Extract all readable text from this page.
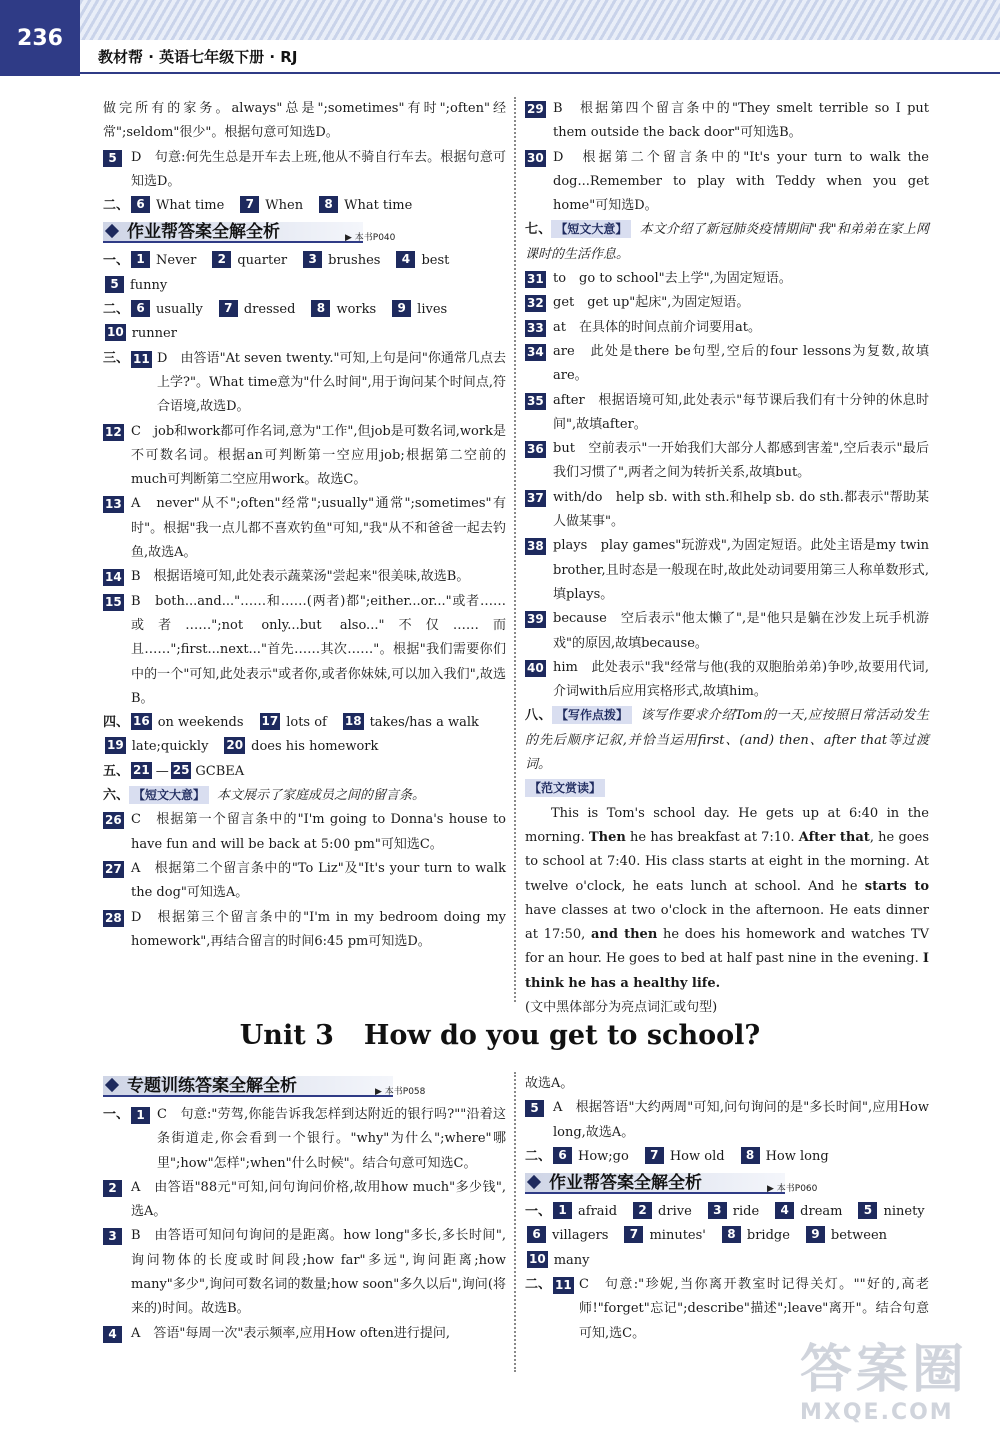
236
教材帮 · 英语七年级下册 · RJ
做完所有的家务。always"总是";sometimes"有时";often"经常";seldom"很少"。根据句意可知选D。
5	D　句意:何先生总是开车去上班,他从不骑自行车去。根据句意可知选D。
二、 6 What time 7 When 8 What time
作业帮答案全解全析	▶ 本书P040
一、 1 Never 2 quarter 3 brushes 4 best
5 funny
二、 6 usually 7 dressed 8 works 9 lives
10 runner
三、 11 D　由答语"At seven twenty."可知,上句是问"你通常几点去上学?"。What time意为"什么时间",用于询问某个时间点,符合语境,故选D。
12 C　job和work都可作名词,意为"工作",但job是可数名词,work是不可数名词。根据an可判断第一空应用job;根据第二空前的much可判断第二空应用work。故选C。
13 A　never"从不";often"经常";usually"通常";sometimes"有时"。根据"我一点儿都不喜欢钓鱼"可知,"我"从不和爸爸一起去钓鱼,故选A。
14 B　根据语境可知,此处表示蔬菜汤"尝起来"很美味,故选B。
15 B　both...and..."……和……(两者)都";either...or..."或者……或者……";not only...but also..."不仅……而且……";first...next..."首先……其次……"。根据"我们需要你们中的一个"可知,此处表示"或者你,或者你妹妹,可以加入我们",故选B。
四、 16 on weekends 17 lots of 18 takes/has a walk
19 late;quickly 20 does his homework
五、 21 — 25 GCBEA
六、 【短文大意】 本文展示了家庭成员之间的留言条。
26 C　根据第一个留言条中的"I'm going to Donna's house to have fun and will be back at 5:00 pm"可知选C。
27 A　根据第二个留言条中的"To Liz"及"It's your turn to walk the dog"可知选A。
28 D　根据第三个留言条中的"I'm in my bedroom doing my homework",再结合留言的时间6:45 pm可知选D。
29 B　根据第四个留言条中的"They smelt terrible so I put them outside the back door"可知选B。
30 D　根据第二个留言条中的"It's your turn to walk the dog...Remember to play with Teddy when you get home"可知选D。
七、 【短文大意】 本文介绍了新冠肺炎疫情期间"我"和弟弟在家上网课时的生活作息。
31 to　go to school"去上学",为固定短语。
32 get　get up"起床",为固定短语。
33 at　在具体的时间点前介词要用at。
34 are　此处是there be句型,空后的four lessons为复数,故填are。
35 after　根据语境可知,此处表示"每节课后我们有十分钟的休息时间",故填after。
36 but　空前表示"一开始我们大部分人都感到害羞",空后表示"最后我们习惯了",两者之间为转折关系,故填but。
37 with/do　help sb. with sth.和help sb. do sth.都表示"帮助某人做某事"。
38 plays　play games"玩游戏",为固定短语。此处主语是my twin brother,且时态是一般现在时,故此处动词要用第三人称单数形式,填plays。
39 because　空后表示"他太懒了",是"他只是躺在沙发上玩手机游戏"的原因,故填because。
40 him　此处表示"我"经常与他(我的双胞胎弟弟)争吵,故要用代词,介词with后应用宾格形式,故填him。
八、 【写作点拨】 该写作要求介绍Tom的一天,应按照日常活动发生的先后顺序记叙,并恰当运用first、(and) then、after that等过渡词。
【范文赏读】
This is Tom's school day. He gets up at 6:40 in the morning. Then he has breakfast at 7:10. After that, he goes to school at 7:40. His class starts at eight in the morning. At twelve o'clock, he eats lunch at school. And he starts to have classes at two o'clock in the afternoon. He eats dinner at 17:50, and then he does his homework and watches TV for an hour. He goes to bed at half past nine in the evening. I think he has a healthy life.
(文中黑体部分为亮点词汇或句型)
Unit 3 How do you get to school?
专题训练答案全解全析	▶ 本书P058
一、 1 C　句意:"劳驾,你能告诉我怎样到达附近的银行吗?""沿着这条街道走,你会看到一个银行。"why"为什么";where"哪里";how"怎样";when"什么时候"。结合句意可知选C。
2	A　由答语"88元"可知,问句询问价格,故用how much"多少钱",选A。
3	B　由答语可知问句询问的是距离。how long"多长,多长时间",询问物体的长度或时间段;how far"多远",询问距离;how many"多少",询问可数名词的数量;how soon"多久以后",询问(将来的)时间。故选B。
4	A　答语"每周一次"表示频率,应用How often进行提问,
故选A。
5	A　根据答语"大约两周"可知,问句询问的是"多长时间",应用How long,故选A。
二、 6 How;go 7 How old 8 How long
作业帮答案全解全析	▶ 本书P060
一、 1 afraid 2 drive 3 ride 4 dream 5 ninety
6 villagers 7 minutes' 8 bridge 9 between
10 many
二、 11 C　句意:"珍妮,当你离开教室时记得关灯。""好的,高老师!"forget"忘记";describe"描述";leave"离开"。结合句意可知,选C。
答案圈
MXQE.COM
